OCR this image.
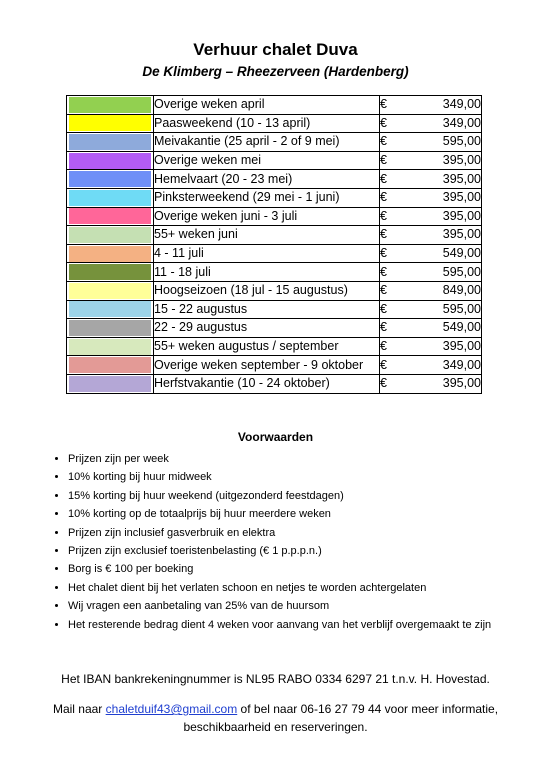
Verhuur chalet Duva
De Klimberg – Rheezerveen (Hardenberg)
	Overige weken april	€ 349,00

	Paasweekend (10 - 13 april)	€ 349,00

	Meivakantie (25 april - 2 of 9 mei)	€ 595,00

	Overige weken mei	€ 395,00

	Hemelvaart (20 - 23 mei)	€ 395,00

	Pinksterweekend (29 mei - 1 juni)	€ 395,00

	Overige weken juni - 3 juli	€ 395,00

	55+ weken juni	€ 395,00

	4 - 11 juli	€ 549,00

	11 - 18 juli	€ 595,00

	Hoogseizoen (18 jul - 15 augustus)	€ 849,00

	15 - 22 augustus	€ 595,00

	22 - 29 augustus	€ 549,00

	55+ weken augustus / september	€ 395,00

	Overige weken september - 9 oktober	€ 349,00

	Herfstvakantie (10 - 24 oktober)	€ 395,00
Voorwaarden
• Prijzen zijn per week
• 10% korting bij huur midweek
• 15% korting bij huur weekend (uitgezonderd feestdagen)
• 10% korting op de totaalprijs bij huur meerdere weken
• Prijzen zijn inclusief gasverbruik en elektra
• Prijzen zijn exclusief toeristenbelasting (€ 1 p.p.p.n.)
• Borg is € 100 per boeking
• Het chalet dient bij het verlaten schoon en netjes te worden achtergelaten
• Wij vragen een aanbetaling van 25% van de huursom
• Het resterende bedrag dient 4 weken voor aanvang van het verblijf overgemaakt te zijn
Het IBAN bankrekeningnummer is NL95 RABO 0334 6297 21 t.n.v. H. Hovestad.
Mail naar chaletduif43@gmail.com of bel naar 06-16 27 79 44 voor meer informatie,
beschikbaarheid en reserveringen.
